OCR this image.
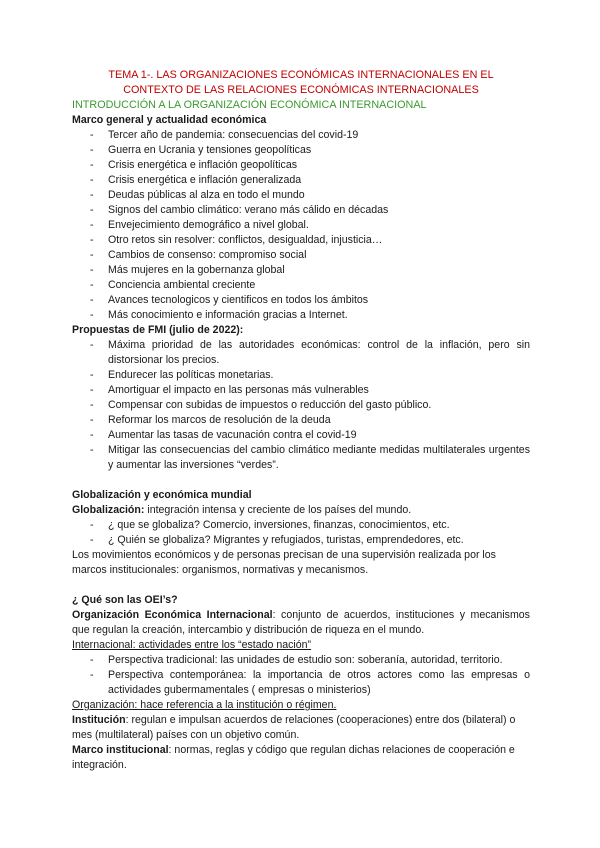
TEMA 1-. LAS ORGANIZACIONES ECONÓMICAS INTERNACIONALES EN EL CONTEXTO DE LAS RELACIONES ECONÓMICAS INTERNACIONALES
INTRODUCCIÓN A LA ORGANIZACIÓN ECONÓMICA INTERNACIONAL
Marco general y actualidad económica
- Tercer año de pandemia: consecuencias del covid-19
- Guerra en Ucrania y tensiones geopolíticas
- Crisis energética e inflación geopolíticas
- Crisis energética e inflación generalizada
- Deudas públicas al alza en todo el mundo
- Signos del cambio climático: verano más cálido en décadas
- Envejecimiento demográfico a nivel global.
- Otro retos sin resolver: conflictos, desigualdad, injusticia…
- Cambios de consenso: compromiso social
- Más mujeres en la gobernanza global
- Conciencia ambiental creciente
- Avances tecnologicos y cientificos en todos los ámbitos
- Más conocimiento e información gracias a Internet.
Propuestas de FMI (julio de 2022):
- Máxima prioridad de las autoridades económicas: control de la inflación, pero sin distorsionar los precios.
- Endurecer las políticas monetarias.
- Amortiguar el impacto en las personas más vulnerables
- Compensar con subidas de impuestos o reducción del gasto público.
- Reformar los marcos de resolución de la deuda
- Aumentar las tasas de vacunación contra el covid-19
- Mitigar las consecuencias del cambio climático mediante medidas multilaterales urgentes y aumentar las inversiones “verdes”.
Globalización y económica mundial
Globalización: integración intensa y creciente de los países del mundo.
- ¿ que se globaliza? Comercio, inversiones, finanzas, conocimientos, etc.
- ¿ Quién se globaliza? Migrantes y refugiados, turistas, emprendedores, etc.
Los movimientos económicos y de personas precisan de una supervisión realizada por los marcos institucionales: organismos, normativas y mecanismos.
¿ Qué son las OEI’s?
Organización Económica Internacional: conjunto de acuerdos, instituciones y mecanismos que regulan la creación, intercambio y distribución de riqueza en el mundo.
Internacional: actividades entre los “estado nación”
- Perspectiva tradicional: las unidades de estudio son: soberanía, autoridad, territorio.
- Perspectiva contemporánea: la importancia de otros actores como las empresas o actividades gubermamentales ( empresas o ministerios)
Organización: hace referencia a la institución o régimen.
Institución: regulan e impulsan acuerdos de relaciones (cooperaciones) entre dos (bilateral) o mes (multilateral) países con un objetivo común.
Marco institucional: normas, reglas y código que regulan dichas relaciones de cooperación e integración.
